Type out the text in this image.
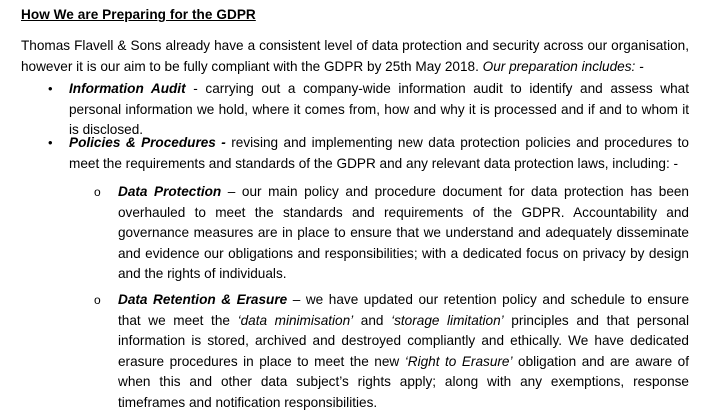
How We are Preparing for the GDPR
Thomas Flavell & Sons already have a consistent level of data protection and security across our organisation, however it is our aim to be fully compliant with the GDPR by 25th May 2018. Our preparation includes: -
• Information Audit - carrying out a company-wide information audit to identify and assess what personal information we hold, where it comes from, how and why it is processed and if and to whom it is disclosed.
• Policies & Procedures - revising and implementing new data protection policies and procedures to meet the requirements and standards of the GDPR and any relevant data protection laws, including: -
o Data Protection – our main policy and procedure document for data protection has been overhauled to meet the standards and requirements of the GDPR. Accountability and governance measures are in place to ensure that we understand and adequately disseminate and evidence our obligations and responsibilities; with a dedicated focus on privacy by design and the rights of individuals.
o Data Retention & Erasure – we have updated our retention policy and schedule to ensure that we meet the ‘data minimisation’ and ‘storage limitation’ principles and that personal information is stored, archived and destroyed compliantly and ethically. We have dedicated erasure procedures in place to meet the new ‘Right to Erasure’ obligation and are aware of when this and other data subject’s rights apply; along with any exemptions, response timeframes and notification responsibilities.
